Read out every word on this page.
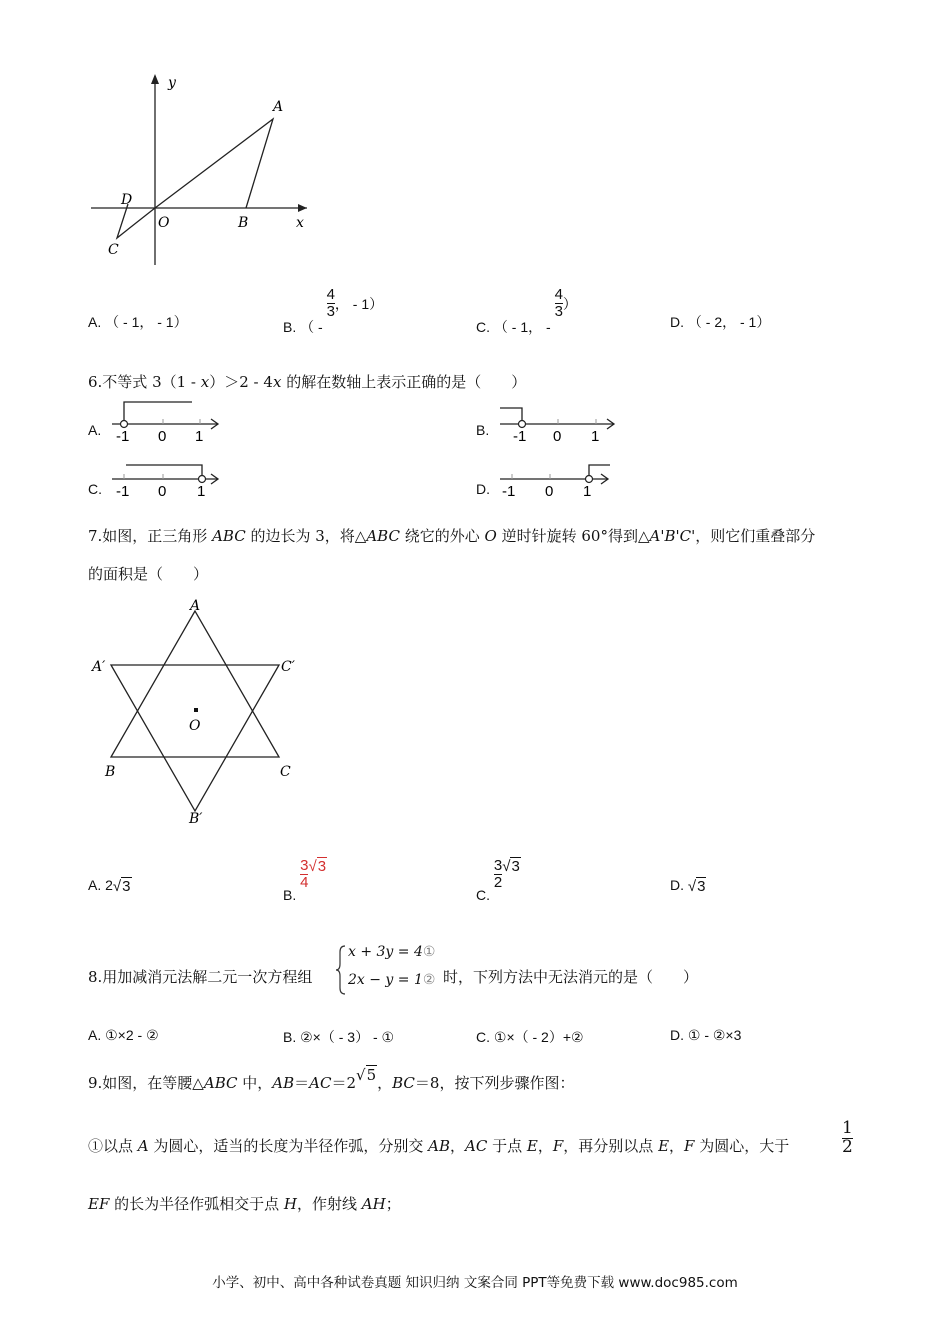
y
A
D
O	B	x
C
A. （ - 1， - 1）	B. （ -
$\frac{4}{3}$ ， - 1）
C. （ - 1， -
$\frac{4}{3}$ ）
D. （ - 2， - 1）
6.不等式 3（1 - x）＞2 - 4x 的解在数轴上表示正确的是（　　）
A. -1 0 1	B. -1 0 1
C. -1 0 1	D. -1 0 1
7.如图，正三角形 ABC 的边长为 3，将△ABC 绕它的外心 O 逆时针旋转 60°得到△A'B'C'，则它们重叠部分
的面积是（　　）
A
A′	C′
O
B	C
B′
A. 2√3
B.
$\frac{3}{4} √3$
C.
$\frac{3}{2} √3$
D. √3
8.用加减消元法解二元一次方程组
x + 3y = 4①
2x − y = 1② 时，下列方法中无法消元的是（　　）
A. ①×2 - ②	B. ②×（ - 3） - ①	C. ①×（ - 2）+②	D. ① - ②×3
9.如图，在等腰△ABC 中，AB＝AC＝2√5，BC＝8，按下列步骤作图：
①以点 A 为圆心，适当的长度为半径作弧，分别交 AB，AC 于点 E，F，再分别以点 E，F 为圆心，大于	$\frac{1}{2}$
EF 的长为半径作弧相交于点 H，作射线 AH；
小学、初中、高中各种试卷真题 知识归纳 文案合同 PPT等免费下载 www.doc985.com
